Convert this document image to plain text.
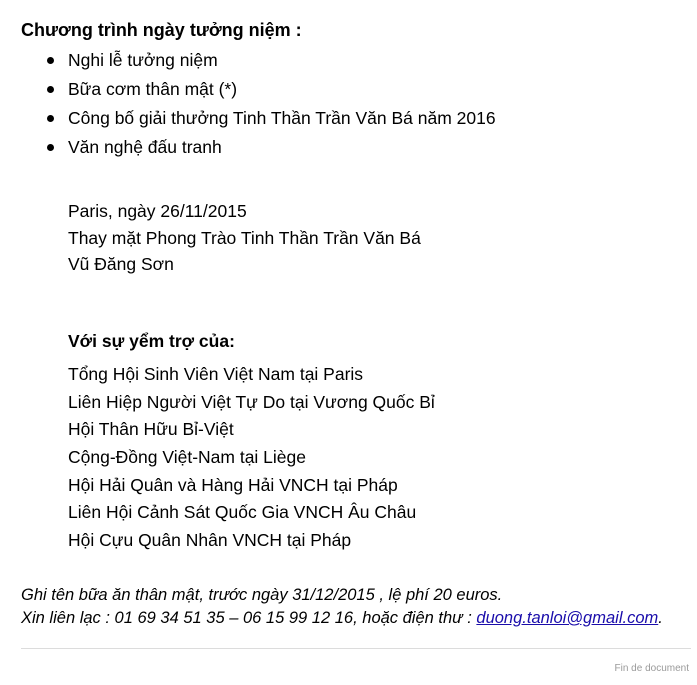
Chương trình ngày tưởng niệm :
Nghi lễ tưởng niệm
Bữa cơm thân mật (*)
Công bố giải thưởng Tinh Thần Trần Văn Bá năm 2016
Văn nghệ đấu tranh
Paris, ngày 26/11/2015
Thay mặt Phong Trào Tinh Thần Trần Văn Bá
Vũ Đăng Sơn
Với sự yểm trợ của:
Tổng Hội Sinh Viên Việt Nam tại Paris
Liên Hiệp Người Việt Tự Do tại Vương Quốc Bỉ
Hội Thân Hữu Bỉ-Việt
Cộng-Đồng Việt-Nam tại Liège
Hội Hải Quân và Hàng Hải VNCH tại Pháp
Liên Hội Cảnh Sát Quốc Gia VNCH Âu Châu
Hội Cựu Quân Nhân VNCH tại Pháp
Ghi tên bữa ăn thân mật, trước ngày 31/12/2015 , lệ phí 20 euros.
Xin liên lạc : 01 69 34 51 35 – 06 15 99 12 16, hoặc điện thư : duong.tanloi@gmail.com.
Fin de document
